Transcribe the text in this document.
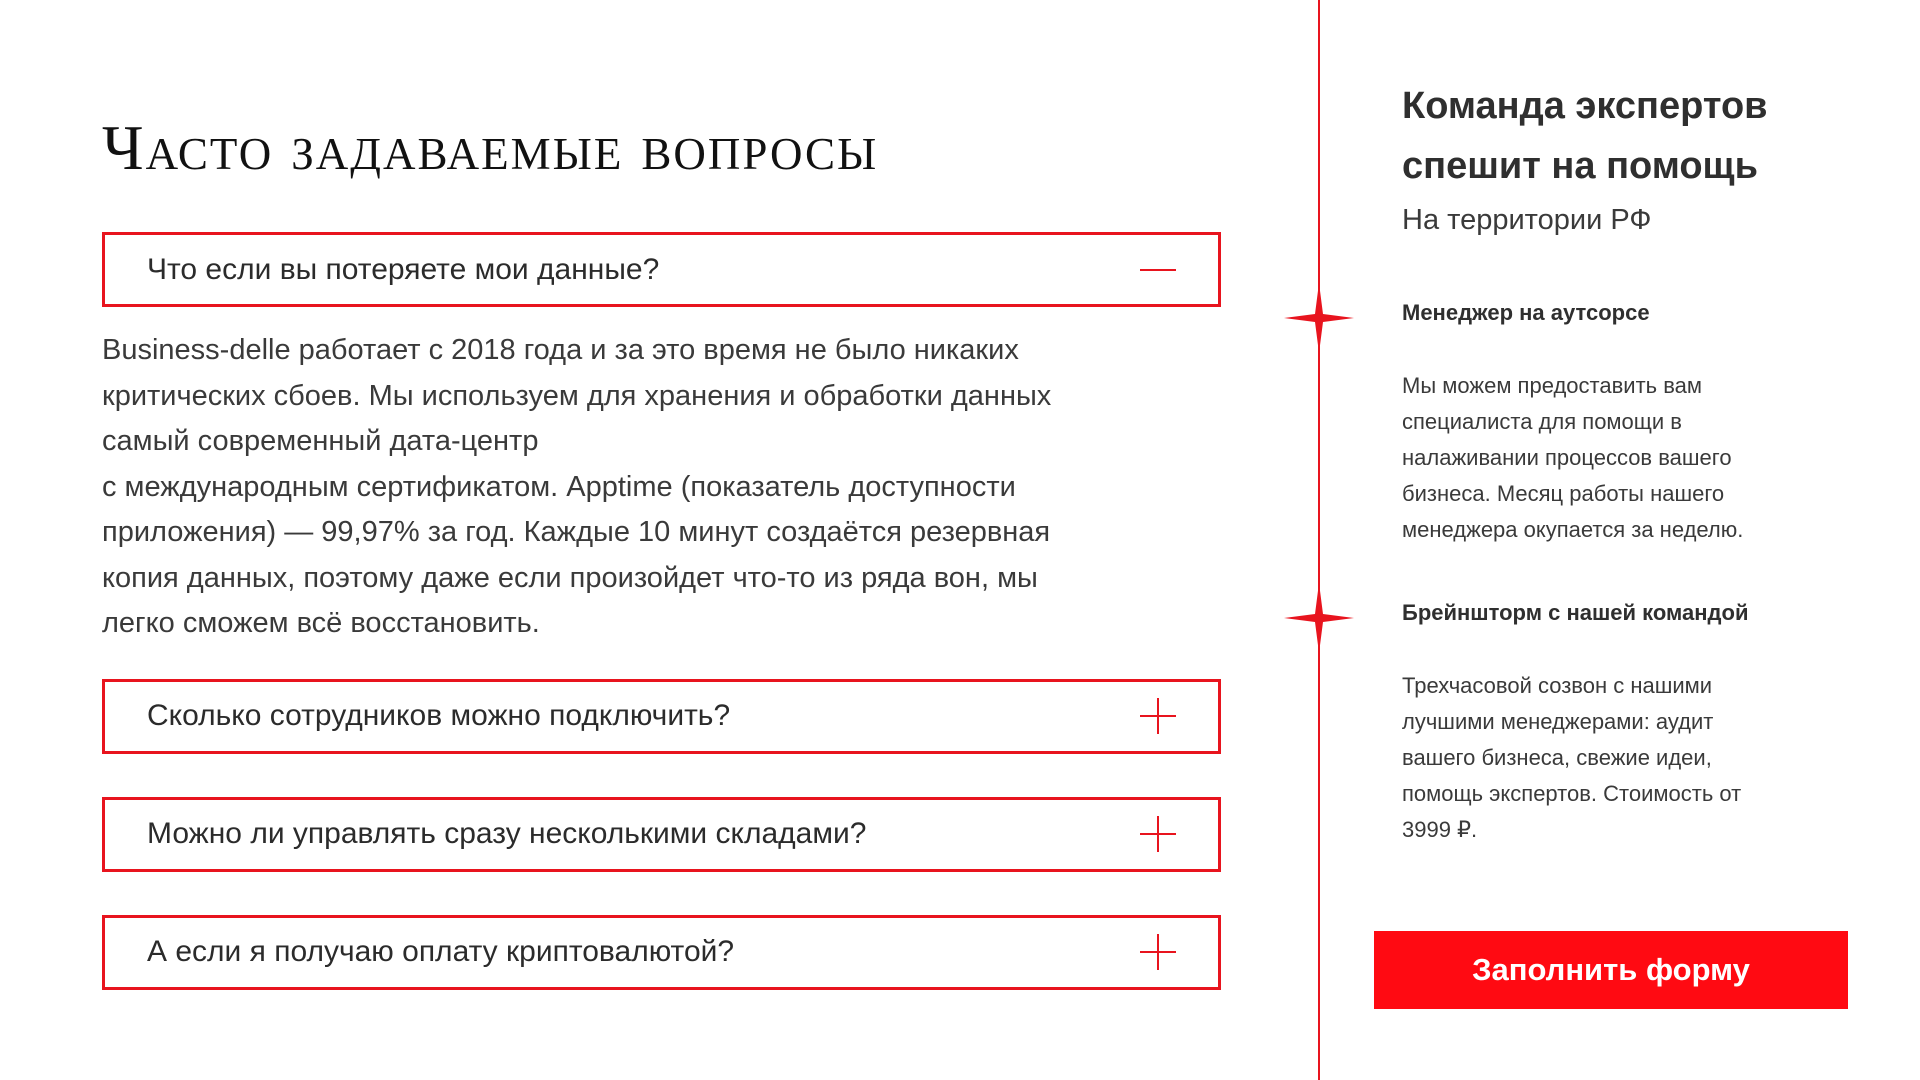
Часто задаваемые вопросы
Что если вы потеряете мои данные?

Business-delle работает с 2018 года и за это время не было никаких

критических сбоев. Мы используем для хранения и обработки данных

самый современный дата-центр

с международным сертификатом. Apptime (показатель доступности

приложения) — 99,97% за год. Каждые 10 минут создаётся резервная

копия данных, поэтому даже если произойдет что-то из ряда вон, мы

легко сможем всё восстановить.

Сколько сотрудников можно подключить?
Можно ли управлять сразу несколькими складами?
А если я получаю оплату криптовалютой?
Команда экспертов
спешит на помощь
На территории РФ
Менеджер на аутсорсе

Мы можем предоставить вам

специалиста для помощи в

налаживании процессов вашего

бизнеса. Месяц работы нашего

менеджера окупается за неделю.

Брейншторм с нашей командой

Трехчасовой созвон с нашими

лучшими менеджерами: аудит

вашего бизнеса, свежие идеи,

помощь экспертов. Стоимость от

3999 ₽.

Заполнить форму
